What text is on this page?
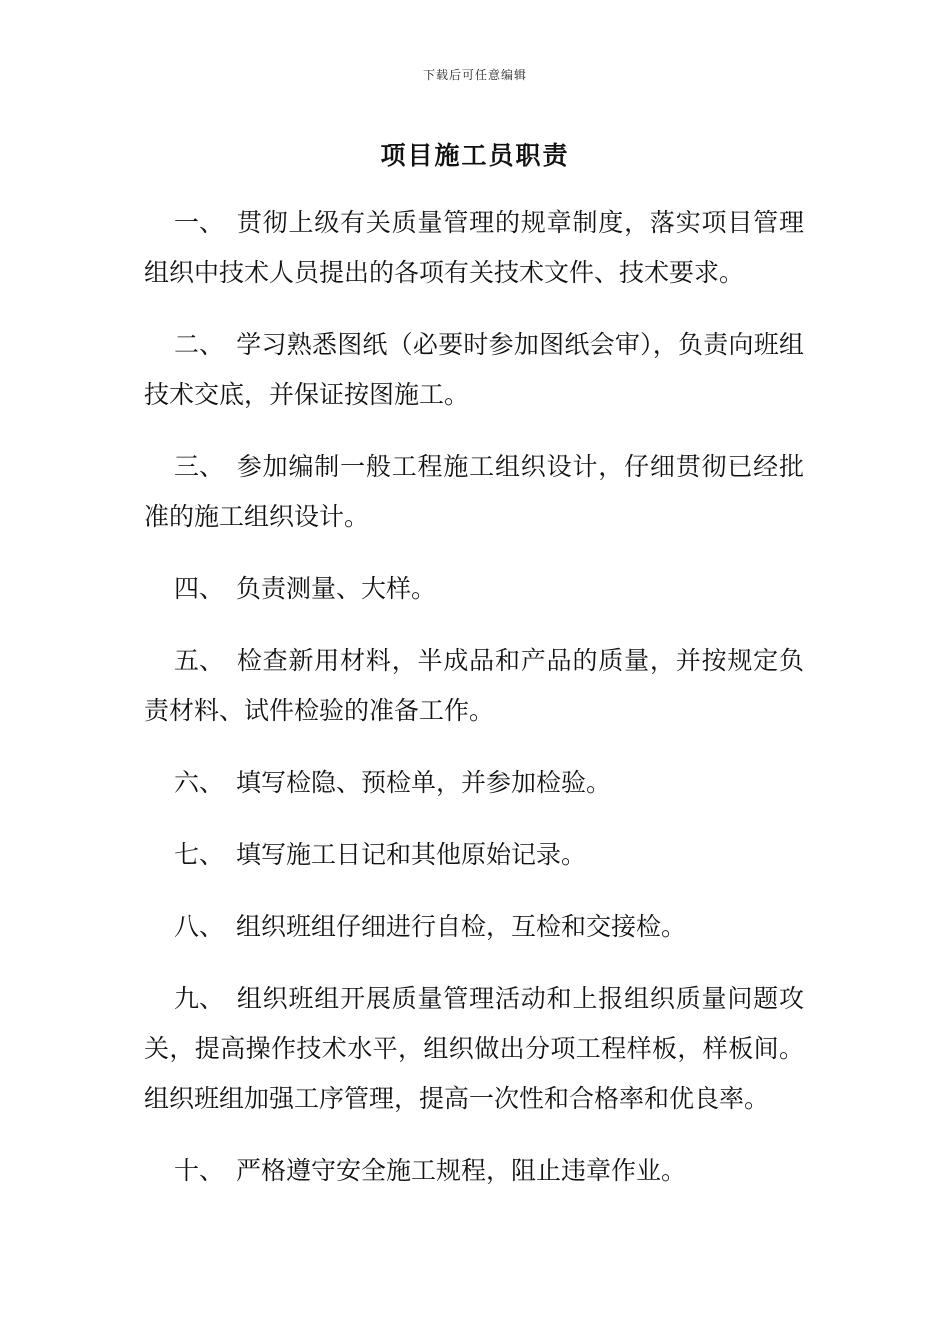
下载后可任意编辑
项目施工员职责
一、 贯彻上级有关质量管理的规章制度，落实项目管理组织中技术人员提出的各项有关技术文件、技术要求。
二、 学习熟悉图纸（必要时参加图纸会审），负责向班组技术交底，并保证按图施工。
三、 参加编制一般工程施工组织设计，仔细贯彻已经批准的施工组织设计。
四、 负责测量、大样。
五、 检查新用材料，半成品和产品的质量，并按规定负责材料、试件检验的准备工作。
六、 填写检隐、预检单，并参加检验。
七、 填写施工日记和其他原始记录。
八、 组织班组仔细进行自检，互检和交接检。
九、 组织班组开展质量管理活动和上报组织质量问题攻关，提高操作技术水平，组织做出分项工程样板，样板间。组织班组加强工序管理，提高一次性和合格率和优良率。
十、 严格遵守安全施工规程，阻止违章作业。
